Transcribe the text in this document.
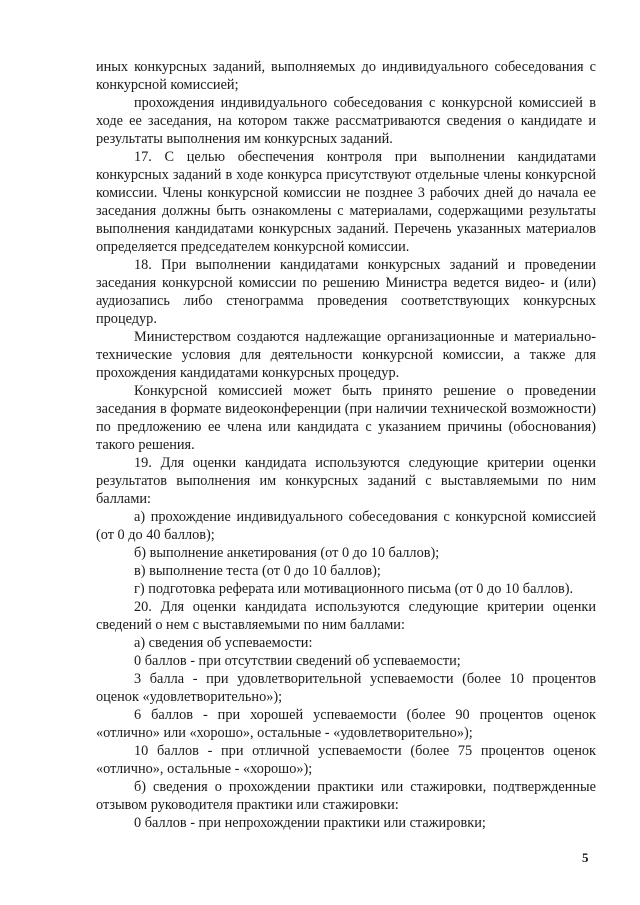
иных конкурсных заданий, выполняемых до индивидуального собеседования с конкурсной комиссией;

прохождения индивидуального собеседования с конкурсной комиссией в ходе ее заседания, на котором также рассматриваются сведения о кандидате и результаты выполнения им конкурсных заданий.

17. С целью обеспечения контроля при выполнении кандидатами конкурсных заданий в ходе конкурса присутствуют отдельные члены конкурсной комиссии. Члены конкурсной комиссии не позднее 3 рабочих дней до начала ее заседания должны быть ознакомлены с материалами, содержащими результаты выполнения кандидатами конкурсных заданий. Перечень указанных материалов определяется председателем конкурсной комиссии.

18. При выполнении кандидатами конкурсных заданий и проведении заседания конкурсной комиссии по решению Министра ведется видео- и (или) аудиозапись либо стенограмма проведения соответствующих конкурсных процедур.

Министерством создаются надлежащие организационные и материально-технические условия для деятельности конкурсной комиссии, а также для прохождения кандидатами конкурсных процедур.

Конкурсной комиссией может быть принято решение о проведении заседания в формате видеоконференции (при наличии технической возможности) по предложению ее члена или кандидата с указанием причины (обоснования) такого решения.

19. Для оценки кандидата используются следующие критерии оценки результатов выполнения им конкурсных заданий с выставляемыми по ним баллами:

а) прохождение индивидуального собеседования с конкурсной комиссией (от 0 до 40 баллов);

б) выполнение анкетирования (от 0 до 10 баллов);

в) выполнение теста (от 0 до 10 баллов);

г) подготовка реферата или мотивационного письма (от 0 до 10 баллов).

20. Для оценки кандидата используются следующие критерии оценки сведений о нем с выставляемыми по ним баллами:

а) сведения об успеваемости:

0 баллов - при отсутствии сведений об успеваемости;

3 балла - при удовлетворительной успеваемости (более 10 процентов оценок «удовлетворительно»);

6 баллов - при хорошей успеваемости (более 90 процентов оценок «отлично» или «хорошо», остальные - «удовлетворительно»);

10 баллов - при отличной успеваемости (более 75 процентов оценок «отлично», остальные - «хорошо»);

б) сведения о прохождении практики или стажировки, подтвержденные отзывом руководителя практики или стажировки:

0 баллов - при непрохождении практики или стажировки;

5
